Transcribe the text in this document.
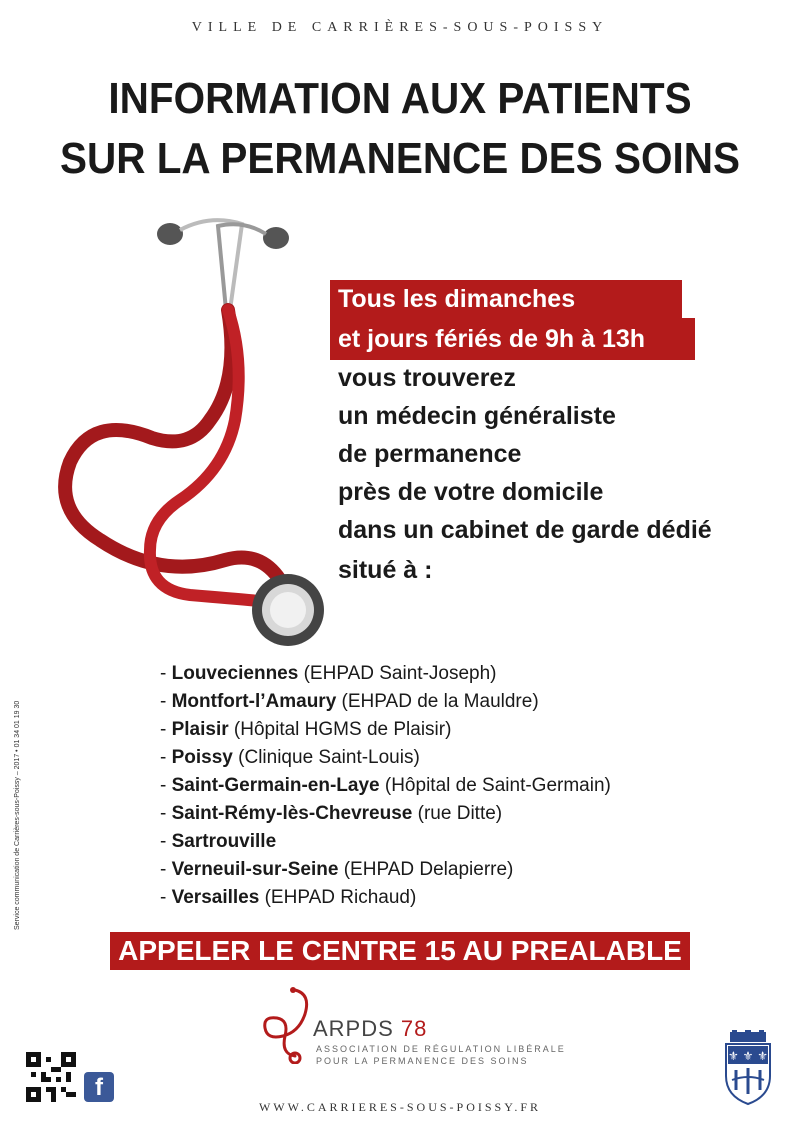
VILLE DE CARRIÈRES-SOUS-POISSY
INFORMATION AUX PATIENTS
SUR LA PERMANENCE DES SOINS
Tous les dimanches
et jours fériés de 9h à 13h
vous trouverez
un médecin généraliste
de permanence
près de votre domicile
dans un cabinet de garde dédié
situé à :
- Louveciennes (EHPAD Saint-Joseph)
- Montfort-l’Amaury (EHPAD de la Mauldre)
- Plaisir (Hôpital HGMS de Plaisir)
- Poissy (Clinique Saint-Louis)
- Saint-Germain-en-Laye (Hôpital de Saint-Germain)
- Saint-Rémy-lès-Chevreuse (rue Ditte)
- Sartrouville
- Verneuil-sur-Seine (EHPAD Delapierre)
- Versailles (EHPAD Richaud)
Service communication de Carrières-sous-Poissy – 2017 • 01 34 01 19 30
APPELER LE CENTRE 15 AU PREALABLE
ARPDS 78
ASSOCIATION DE RÉGULATION LIBÉRALE
POUR LA PERMANENCE DES SOINS
f
WWW.CARRIERES-SOUS-POISSY.FR
⚜ ⚜ ⚜
